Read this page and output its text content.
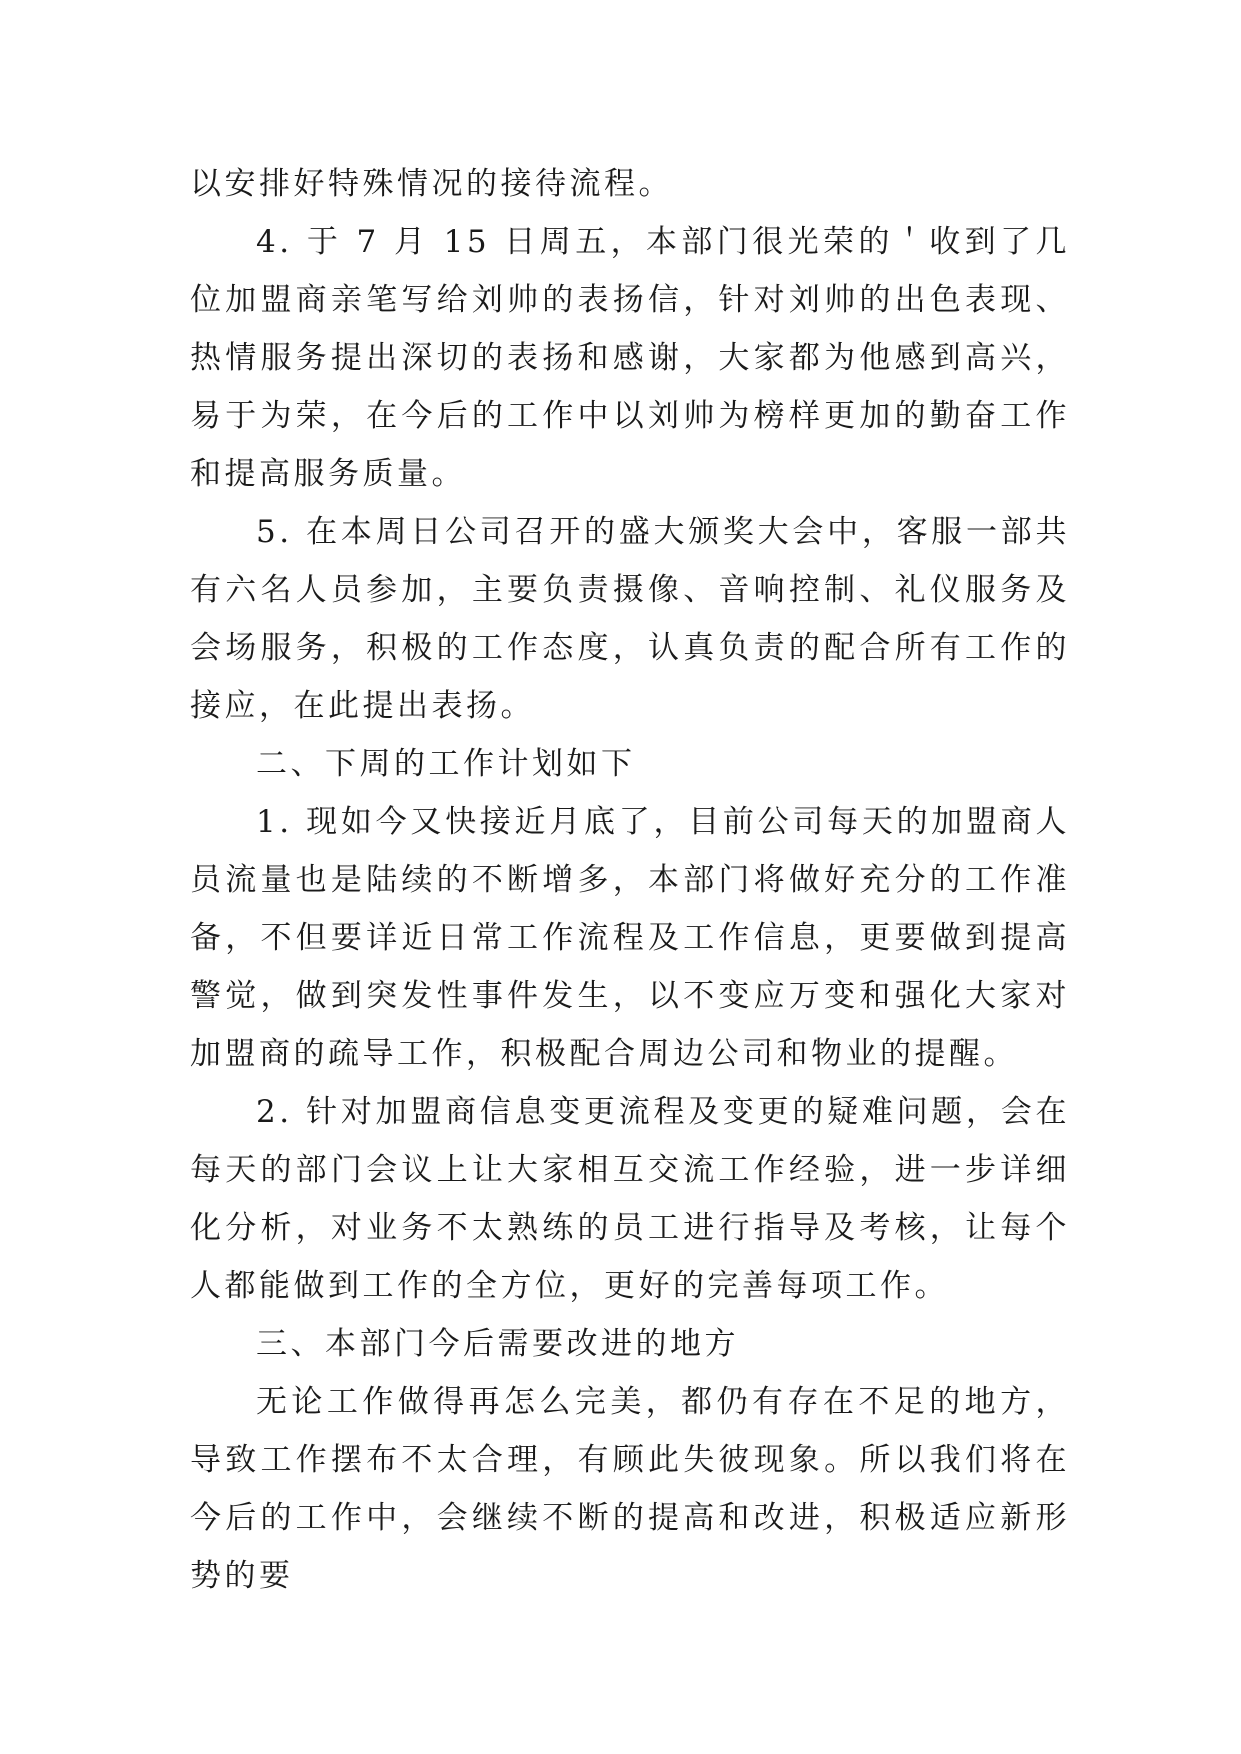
以安排好特殊情况的接待流程。

4. 于 7 月 15 日周五，本部门很光荣的＇收到了几位加盟商亲笔写给刘帅的表扬信，针对刘帅的出色表现、热情服务提出深切的表扬和感谢，大家都为他感到高兴，易于为荣，在今后的工作中以刘帅为榜样更加的勤奋工作和提高服务质量。

5. 在本周日公司召开的盛大颁奖大会中，客服一部共有六名人员参加，主要负责摄像、音响控制、礼仪服务及会场服务，积极的工作态度，认真负责的配合所有工作的接应，在此提出表扬。

二、下周的工作计划如下

1. 现如今又快接近月底了，目前公司每天的加盟商人员流量也是陆续的不断增多，本部门将做好充分的工作准备，不但要详近日常工作流程及工作信息，更要做到提高警觉，做到突发性事件发生，以不变应万变和强化大家对加盟商的疏导工作，积极配合周边公司和物业的提醒。

2. 针对加盟商信息变更流程及变更的疑难问题，会在每天的部门会议上让大家相互交流工作经验，进一步详细化分析，对业务不太熟练的员工进行指导及考核，让每个人都能做到工作的全方位，更好的完善每项工作。

三、本部门今后需要改进的地方

无论工作做得再怎么完美，都仍有存在不足的地方，导致工作摆布不太合理，有顾此失彼现象。所以我们将在今后的工作中，会继续不断的提高和改进，积极适应新形势的要
